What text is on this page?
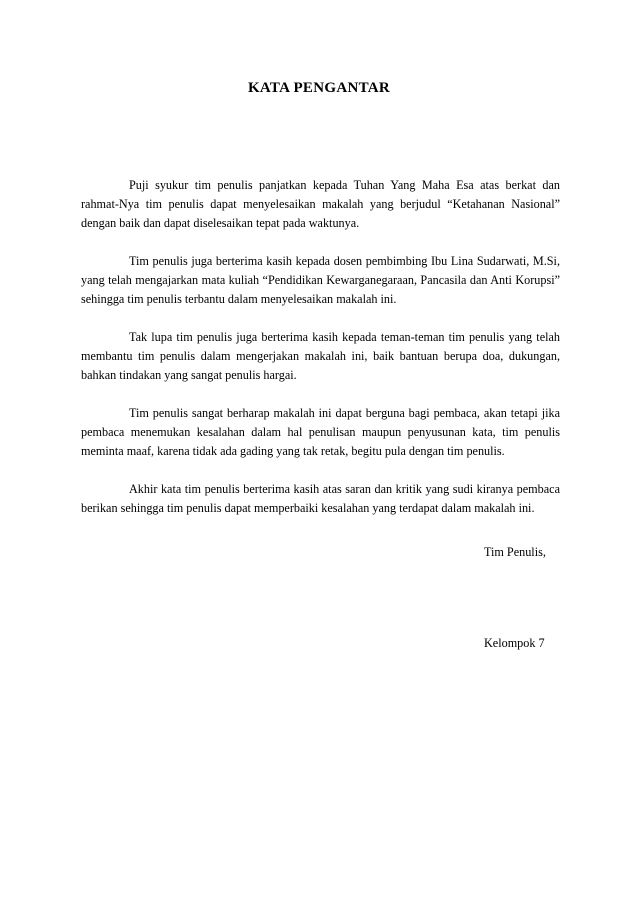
KATA PENGANTAR

Puji syukur tim penulis panjatkan kepada Tuhan Yang Maha Esa atas berkat dan rahmat-Nya tim penulis dapat menyelesaikan makalah yang berjudul “Ketahanan Nasional” dengan baik dan dapat diselesaikan tepat pada waktunya.

Tim penulis juga berterima kasih kepada dosen pembimbing Ibu Lina Sudarwati, M.Si, yang telah mengajarkan mata kuliah “Pendidikan Kewarganegaraan, Pancasila dan Anti Korupsi” sehingga tim penulis terbantu dalam menyelesaikan makalah ini.

Tak lupa tim penulis juga berterima kasih kepada teman-teman tim penulis yang telah membantu tim penulis dalam mengerjakan makalah ini, baik bantuan berupa doa, dukungan, bahkan tindakan yang sangat penulis hargai.

Tim penulis sangat berharap makalah ini dapat berguna bagi pembaca, akan tetapi jika pembaca menemukan kesalahan dalam hal penulisan maupun penyusunan kata, tim penulis meminta maaf, karena tidak ada gading yang tak retak, begitu pula dengan tim penulis.

Akhir kata tim penulis berterima kasih atas saran dan kritik yang sudi kiranya pembaca berikan sehingga tim penulis dapat memperbaiki kesalahan yang terdapat dalam makalah ini.

Tim Penulis,
Kelompok 7
